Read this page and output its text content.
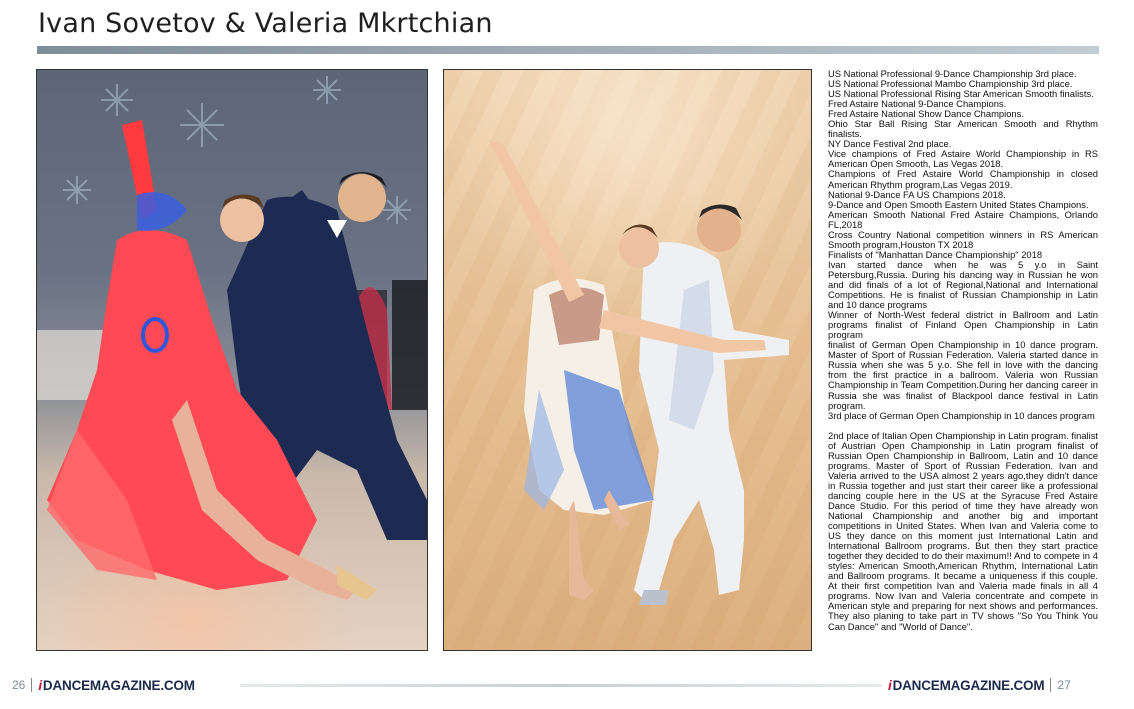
Ivan Sovetov & Valeria Mkrtchian

US National Professional 9-Dance Championship 3rd place.

US National Professional Mambo Championship 3rd place.

US National Professional Rising Star American Smooth finalists.

Fred Astaire National 9-Dance Champions.

Fred Astaire National Show Dance Champions.

Ohio Star Ball Rising Star American Smooth and Rhythm finalists.

NY Dance Festival 2nd place.

Vice champions of Fred Astaire World Championship in RS American Open Smooth, Las Vegas 2018.

Champions of Fred Astaire World Championship in closed American Rhythm program,Las Vegas 2019.

National 9-Dance FA US Champions 2018.

9-Dance and Open Smooth Eastern United States Champions.

American Smooth National Fred Astaire Champions, Orlando FL,2018

Cross Country National competition winners in RS American Smooth program,Houston TX 2018

Finalists of "Manhattan Dance Championship" 2018

Ivan started dance when he was 5 y.o in Saint Petersburg,Russia. During his dancing way in Russian he won and did finals of a lot of Regional,National and International Competitions. He is finalist of Russian Championship in Latin and 10 dance programs

Winner of North-West federal district in Ballroom and Latin programs finalist of Finland Open Championship in Latin program

finalist of German Open Championship in 10 dance program. Master of Sport of Russian Federation. Valeria started dance in Russia when she was 5 y.o. She fell in love with the dancing from the first practice in a ballroom. Valeria won Russian Championship in Team Competition.During her dancing career in Russia she was finalist of Blackpool dance festival in Latin program.

3rd place of German Open Championship in 10 dances program

2nd place of Italian Open Championship in Latin program. finalist of Austrian Open Championship in Latin program finalist of Russian Open Championship in Ballroom, Latin and 10 dance programs. Master of Sport of Russian Federation. Ivan and Valeria arrived to the USA almost 2 years ago,they didn't dance in Russia together and just start their career like a professional dancing couple here in the US at the Syracuse Fred Astaire Dance Studio. For this period of time they have already won National Championship and another big and important competitions in United States. When Ivan and Valeria come to US they dance on this moment just International Latin and International Ballroom programs. But then they start practice together they decided to do their maximum!! And to compete in 4 styles: American Smooth,American Rhythm, International Latin and Ballroom programs. It became a uniqueness if this couple. At their first competition Ivan and Valeria made finals in all 4 programs. Now Ivan and Valeria concentrate and compete in American style and preparing for next shows and performances. They also planing to take part in TV shows "So You Think You Can Dance" and "World of Dance".

26 iDANCEMAGAZINE.COM	iDANCEMAGAZINE.COM 27
